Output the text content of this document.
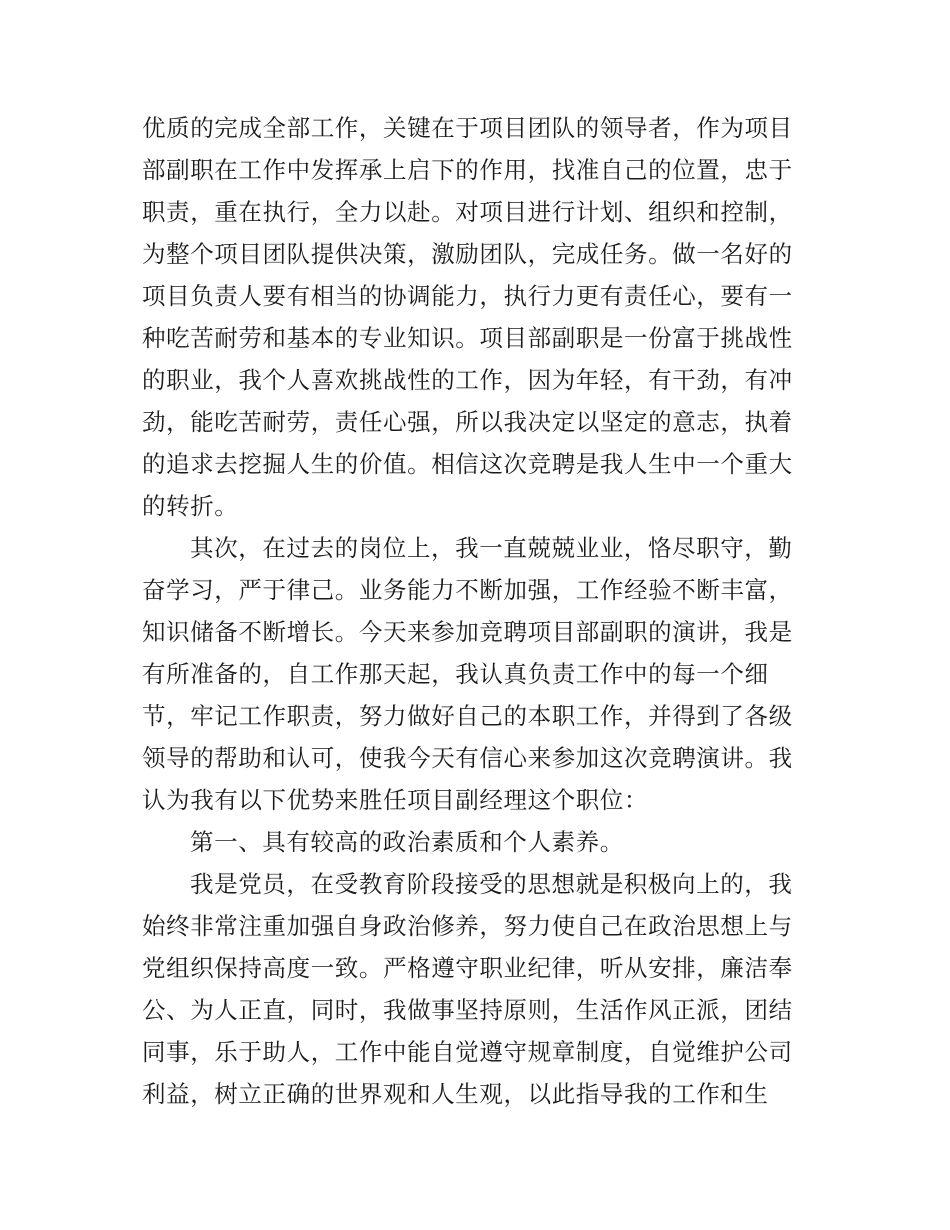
优质的完成全部工作，关键在于项目团队的领导者，作为项目
部副职在工作中发挥承上启下的作用，找准自己的位置，忠于
职责，重在执行，全力以赴。对项目进行计划、组织和控制，
为整个项目团队提供决策，激励团队，完成任务。做一名好的
项目负责人要有相当的协调能力，执行力更有责任心，要有一
种吃苦耐劳和基本的专业知识。项目部副职是一份富于挑战性
的职业，我个人喜欢挑战性的工作，因为年轻，有干劲，有冲
劲，能吃苦耐劳，责任心强，所以我决定以坚定的意志，执着
的追求去挖掘人生的价值。相信这次竞聘是我人生中一个重大
的转折。
其次，在过去的岗位上，我一直兢兢业业，恪尽职守，勤
奋学习，严于律己。业务能力不断加强，工作经验不断丰富，
知识储备不断增长。今天来参加竞聘项目部副职的演讲，我是
有所准备的，自工作那天起，我认真负责工作中的每一个细
节，牢记工作职责，努力做好自己的本职工作，并得到了各级
领导的帮助和认可，使我今天有信心来参加这次竞聘演讲。我
认为我有以下优势来胜任项目副经理这个职位：
第一、具有较高的政治素质和个人素养。
我是党员，在受教育阶段接受的思想就是积极向上的，我
始终非常注重加强自身政治修养，努力使自己在政治思想上与
党组织保持高度一致。严格遵守职业纪律，听从安排，廉洁奉
公、为人正直，同时，我做事坚持原则，生活作风正派，团结
同事，乐于助人，工作中能自觉遵守规章制度，自觉维护公司
利益，树立正确的世界观和人生观，以此指导我的工作和生
